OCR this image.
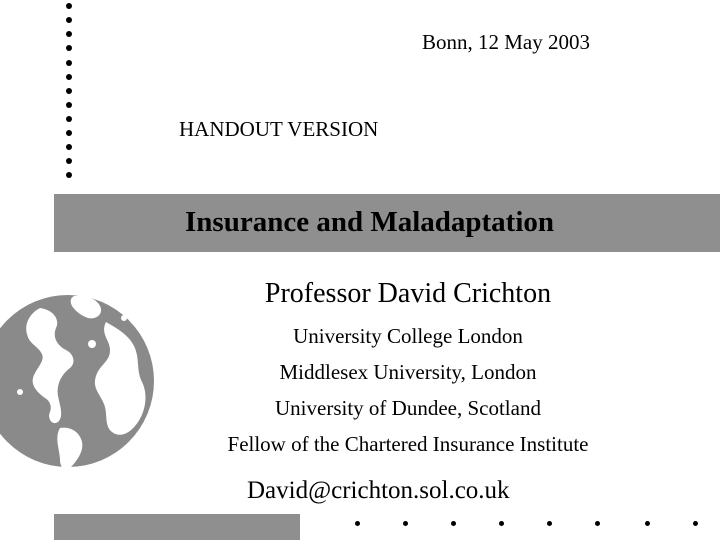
Bonn, 12 May 2003
HANDOUT VERSION
Insurance and Maladaptation
Professor David Crichton
University College London
Middlesex University, London
University of Dundee, Scotland
Fellow of the Chartered Insurance Institute
David@crichton.sol.co.uk
